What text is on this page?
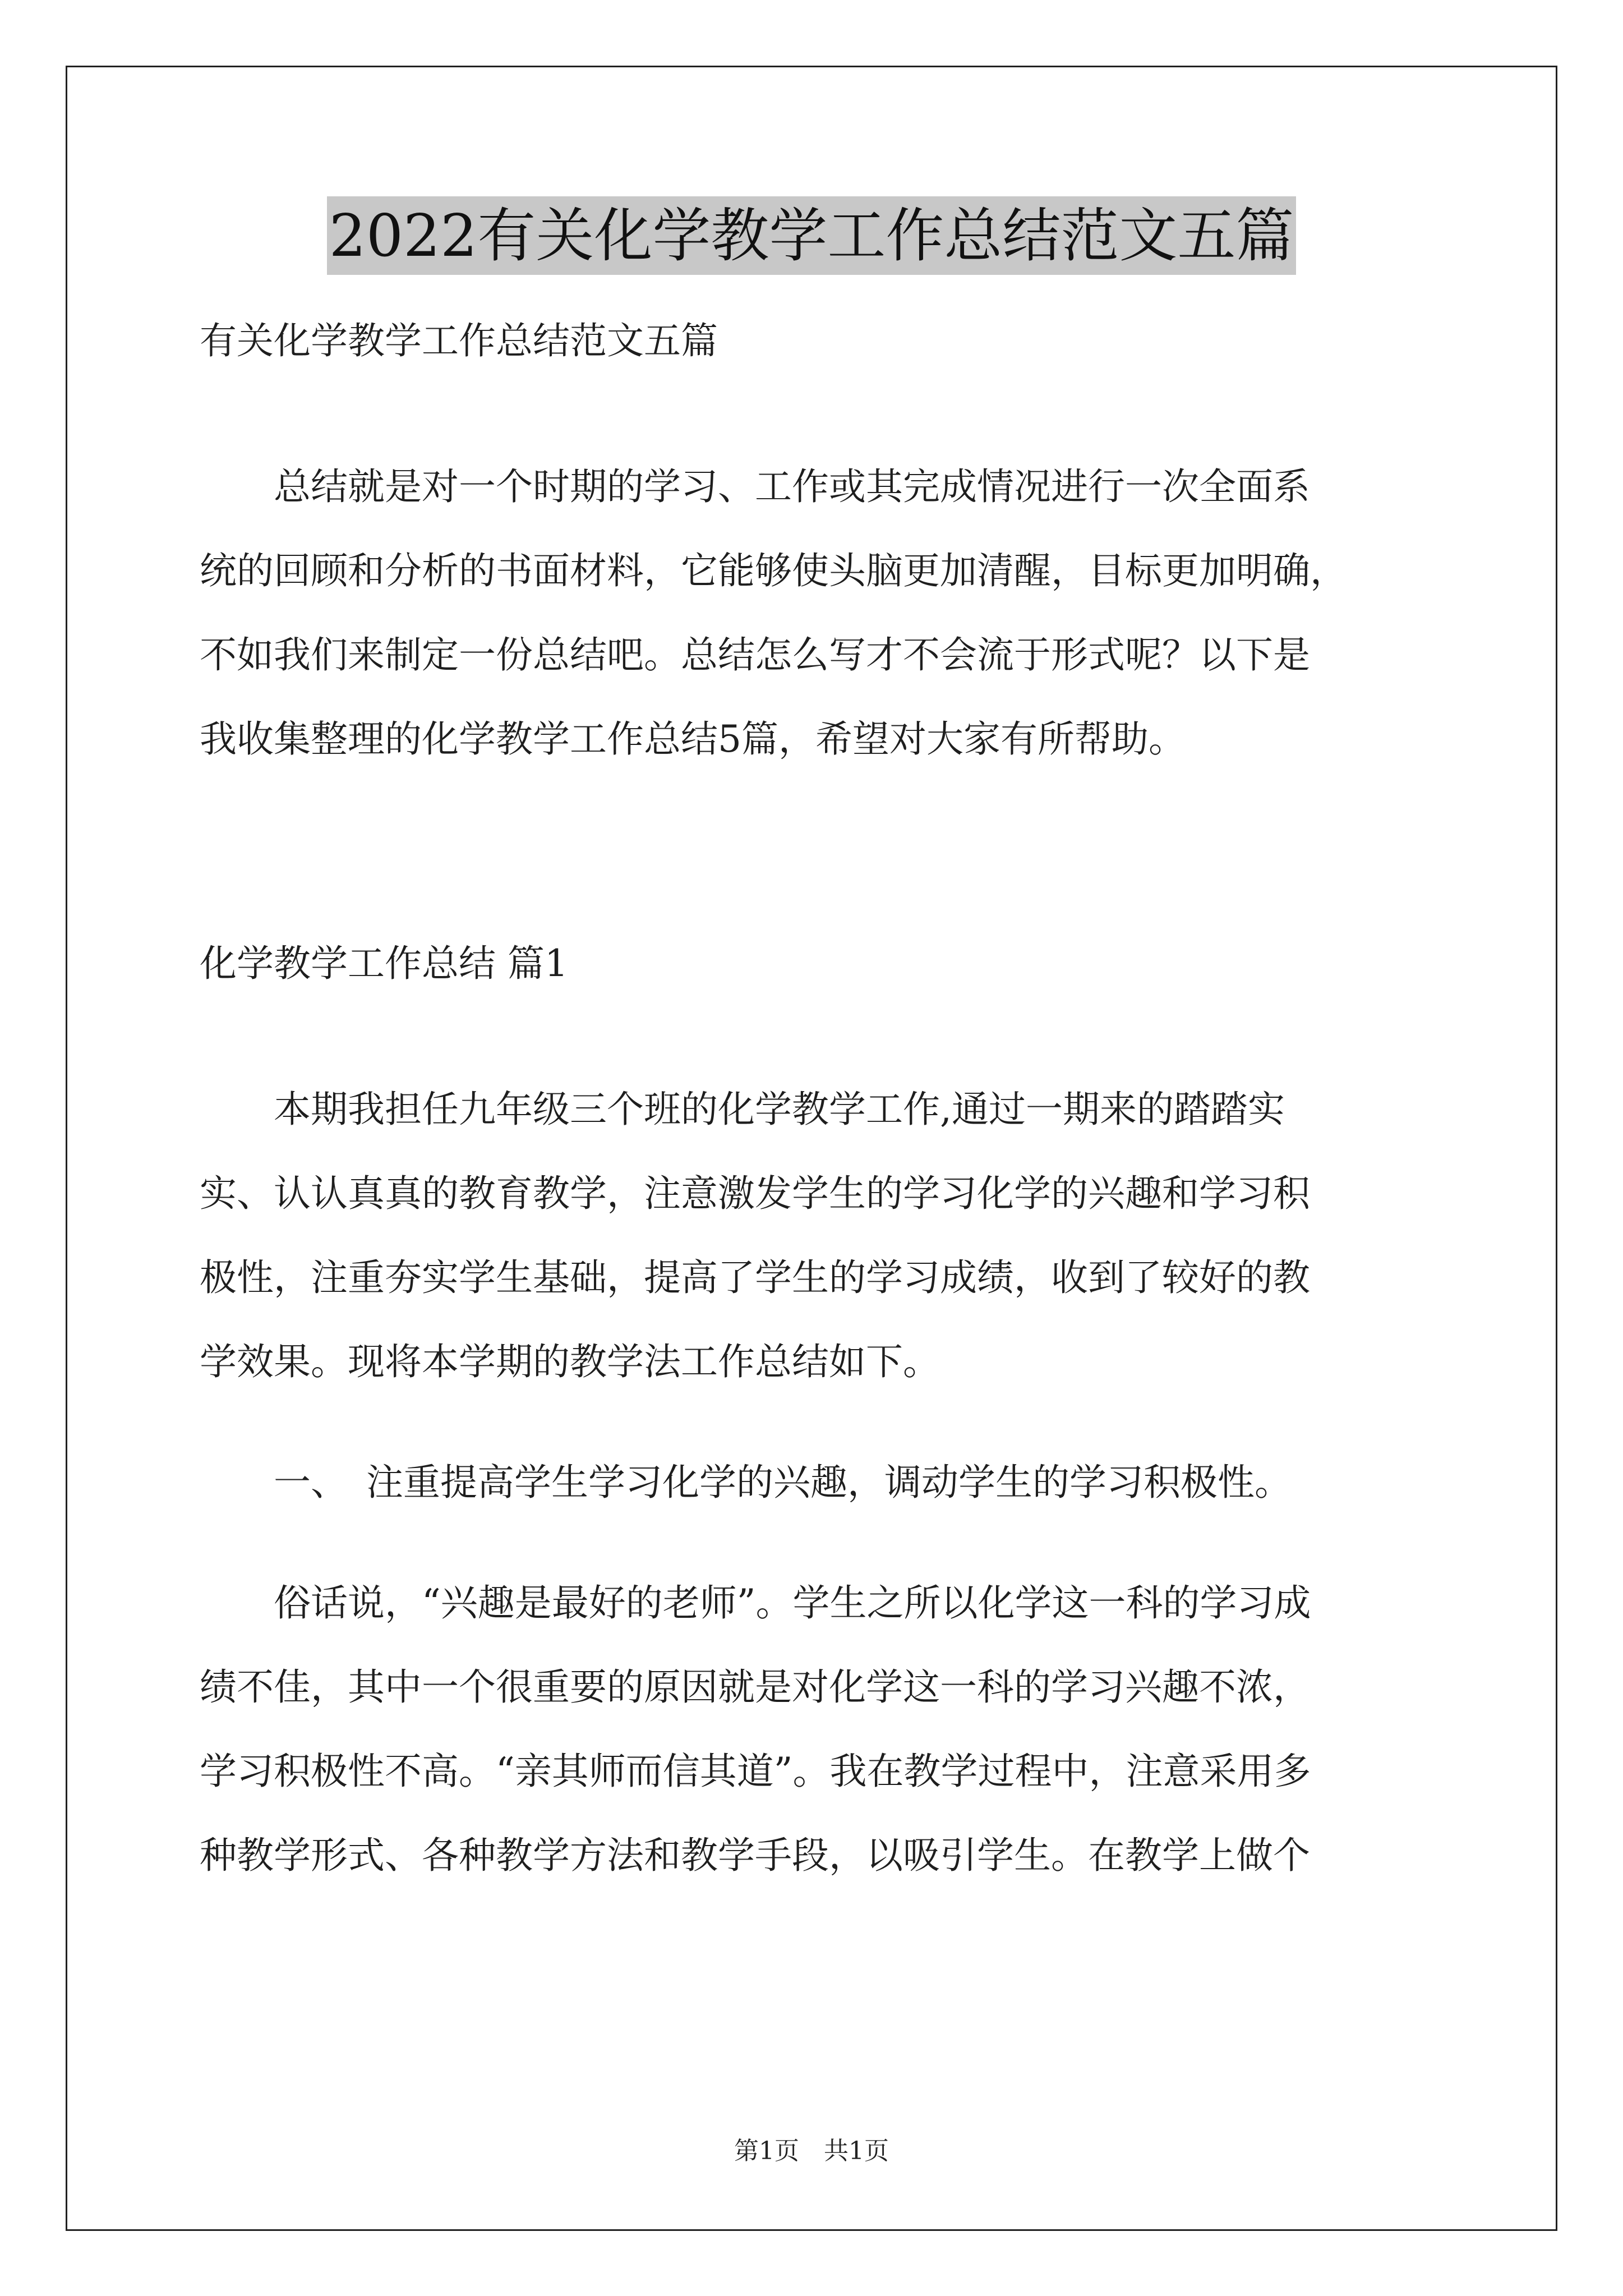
2022有关化学教学工作总结范文五篇
有关化学教学工作总结范文五篇
　　总结就是对一个时期的学习、工作或其完成情况进行一次全面系
统的回顾和分析的书面材料，它能够使头脑更加清醒，目标更加明确，
不如我们来制定一份总结吧。总结怎么写才不会流于形式呢？以下是
我收集整理的化学教学工作总结5篇，希望对大家有所帮助。
化学教学工作总结 篇1
　　本期我担任九年级三个班的化学教学工作,通过一期来的踏踏实
实、认认真真的教育教学，注意激发学生的学习化学的兴趣和学习积
极性，注重夯实学生基础，提高了学生的学习成绩，收到了较好的教
学效果。现将本学期的教学法工作总结如下。
　　一、　注重提高学生学习化学的兴趣，调动学生的学习积极性。
　　俗话说，“兴趣是最好的老师”。学生之所以化学这一科的学习成
绩不佳，其中一个很重要的原因就是对化学这一科的学习兴趣不浓，
学习积极性不高。“亲其师而信其道”。我在教学过程中，注意采用多
种教学形式、各种教学方法和教学手段，以吸引学生。在教学上做个
第1页　共1页
